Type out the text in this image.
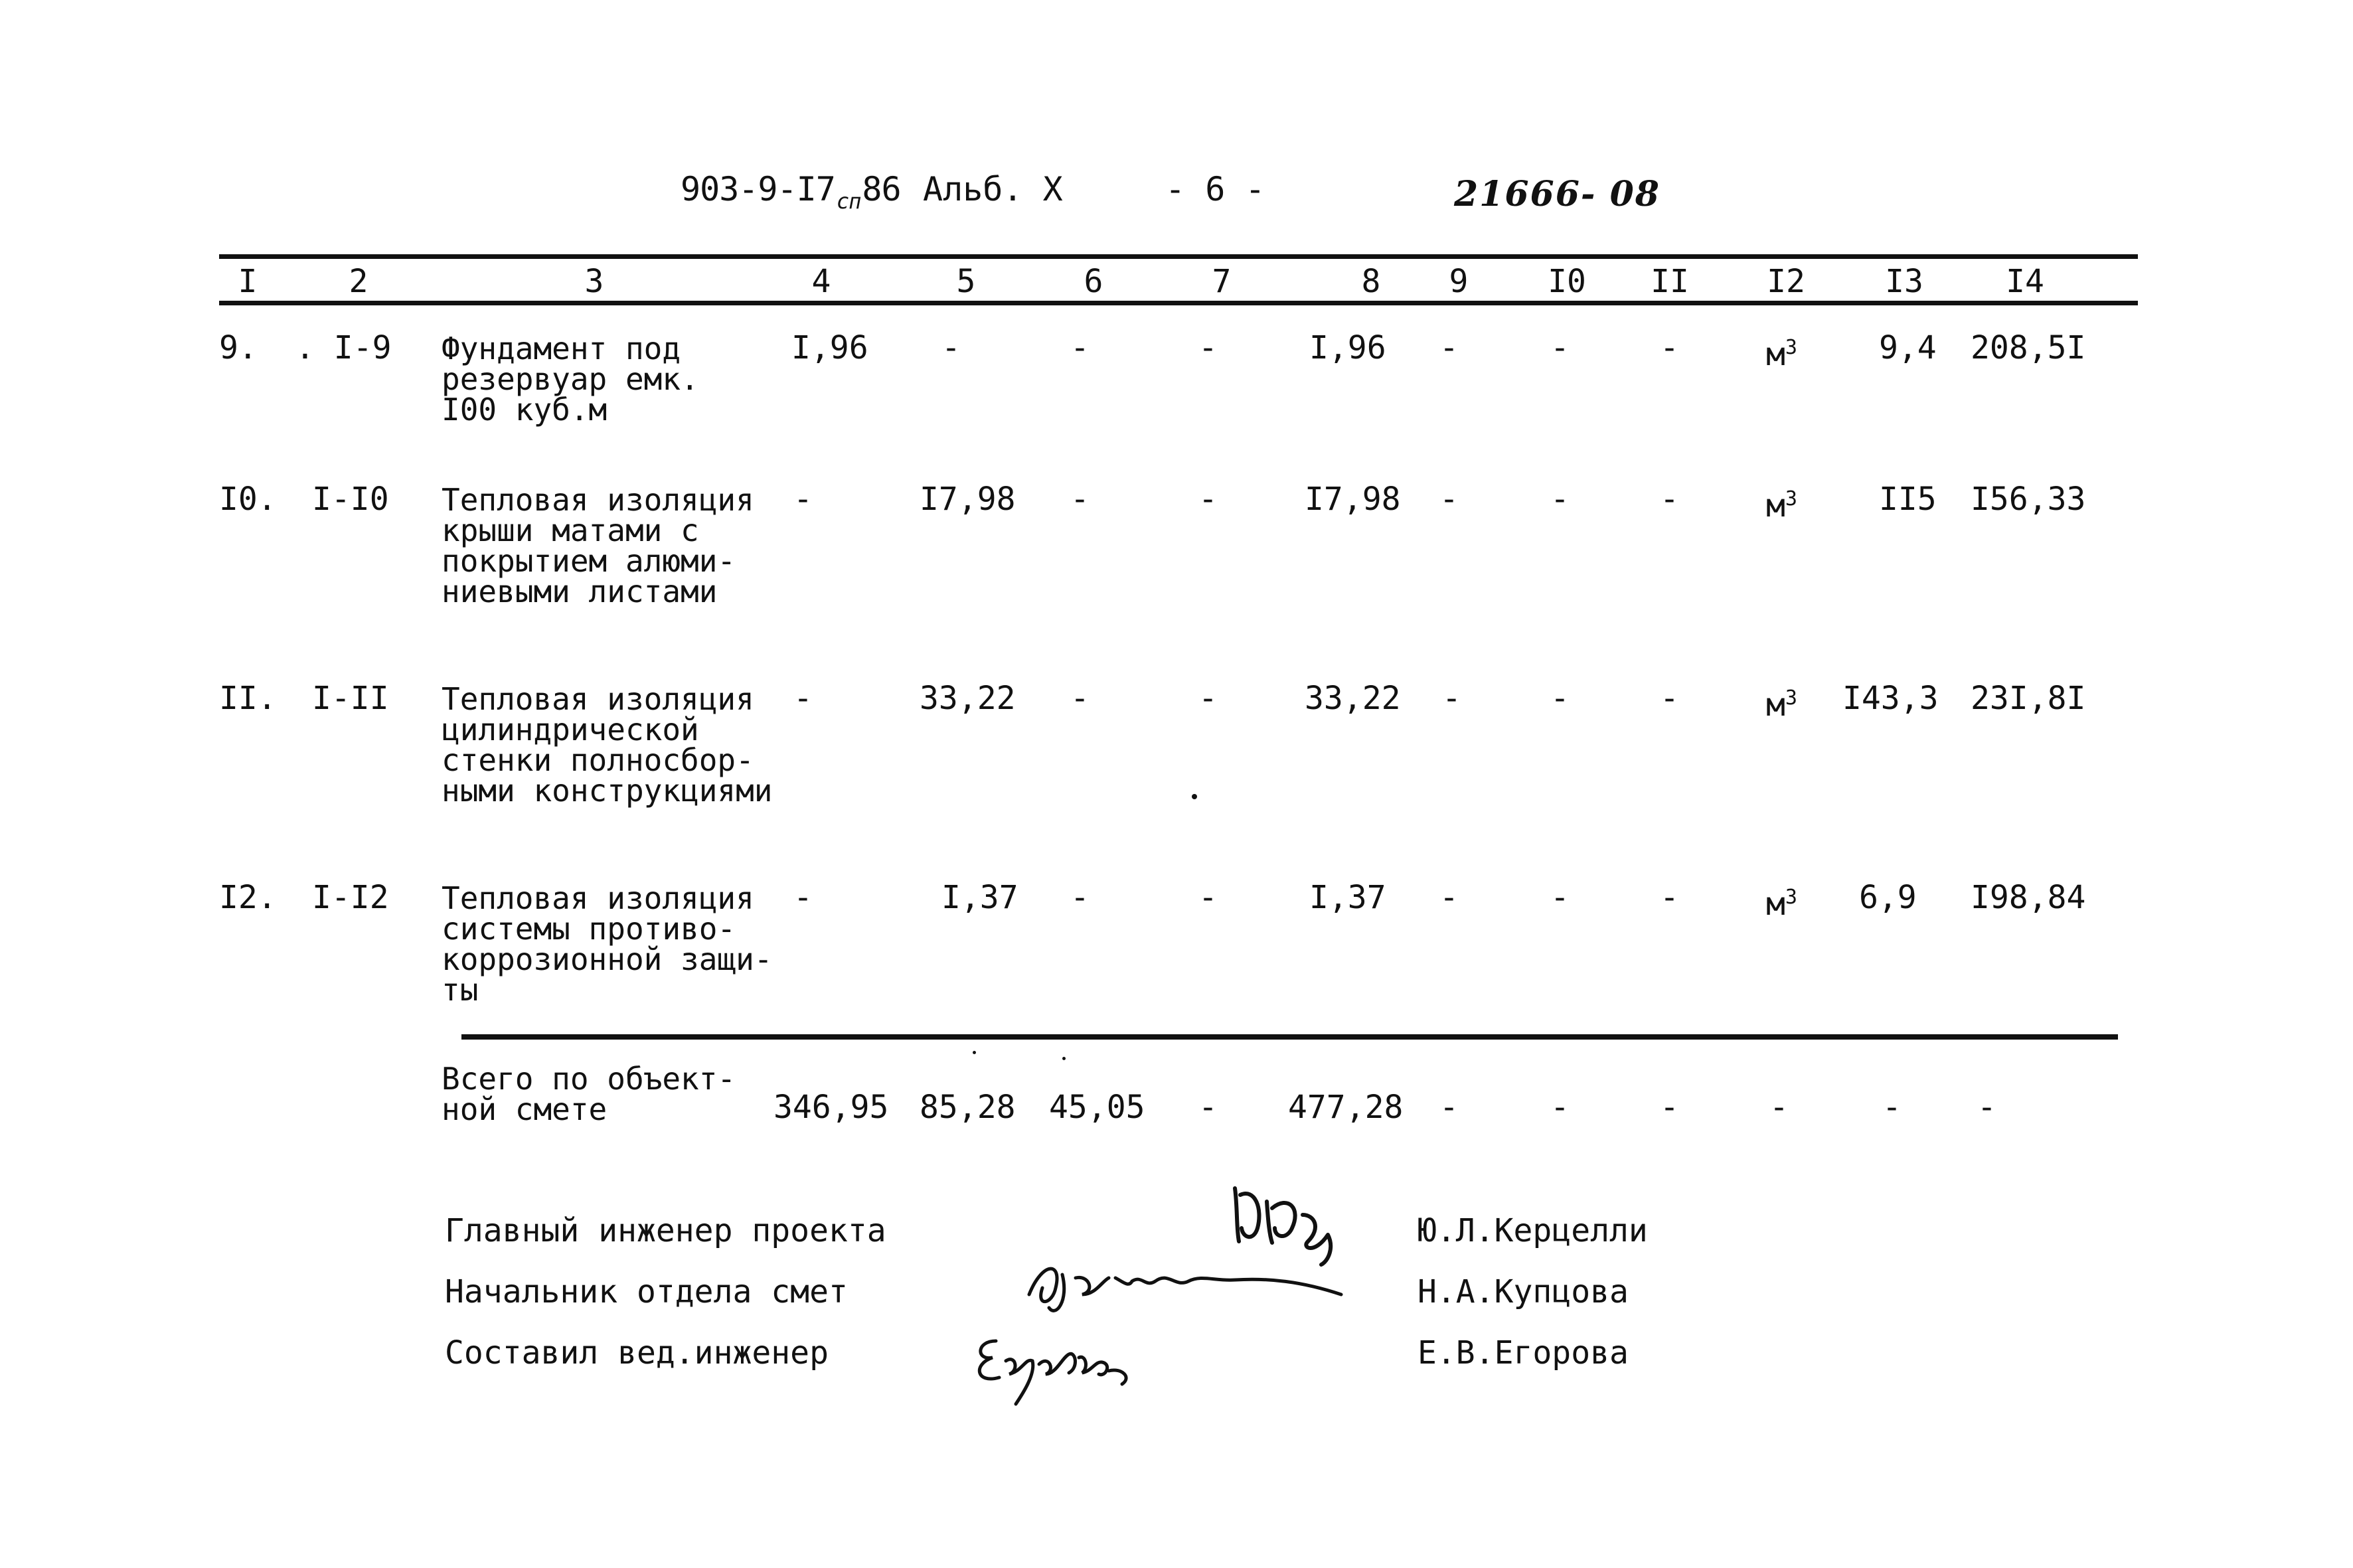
$903-9-I7_{сп}86$ Альб. X	- 6 -	21666- 08
I	2	3	4	5	6	7	8 9 I0 II I2	I3	I4
9. . I-9 Фундамент под
резервуар емк.
I00 куб.м
I,96 -	-	-	I,96 -	-	-	$м^3$	9,4 208,5I
I0. I-I0 Тепловая изоляция
крыши матами с
покрытием алюми-
ниевыми листами
-	I7,98 -	-	I7,98 -	-	-	$м^3$	II5 I56,33
II. I-II Тепловая изоляция
цилиндрической
стенки полносбор-
ными конструкциями
-	33,22 -	-	33,22 -	-	-	$м^3$ I43,3 23I,8I
I2. I-I2 Тепловая изоляция
системы противо-
коррозионной защи-
ты
-	I,37 -	-	I,37 -	-	-	$м^3$ 6,9 I98,84
Всего по объект-
ной смете	346,95 85,28 45,05 - 477,28 -	-	-	-	- -
Главный инженер проекта	Ю.Л.Керцелли
Начальник отдела смет	Н.А.Купцова
Составил вед.инженер	Е.В.Егорова
